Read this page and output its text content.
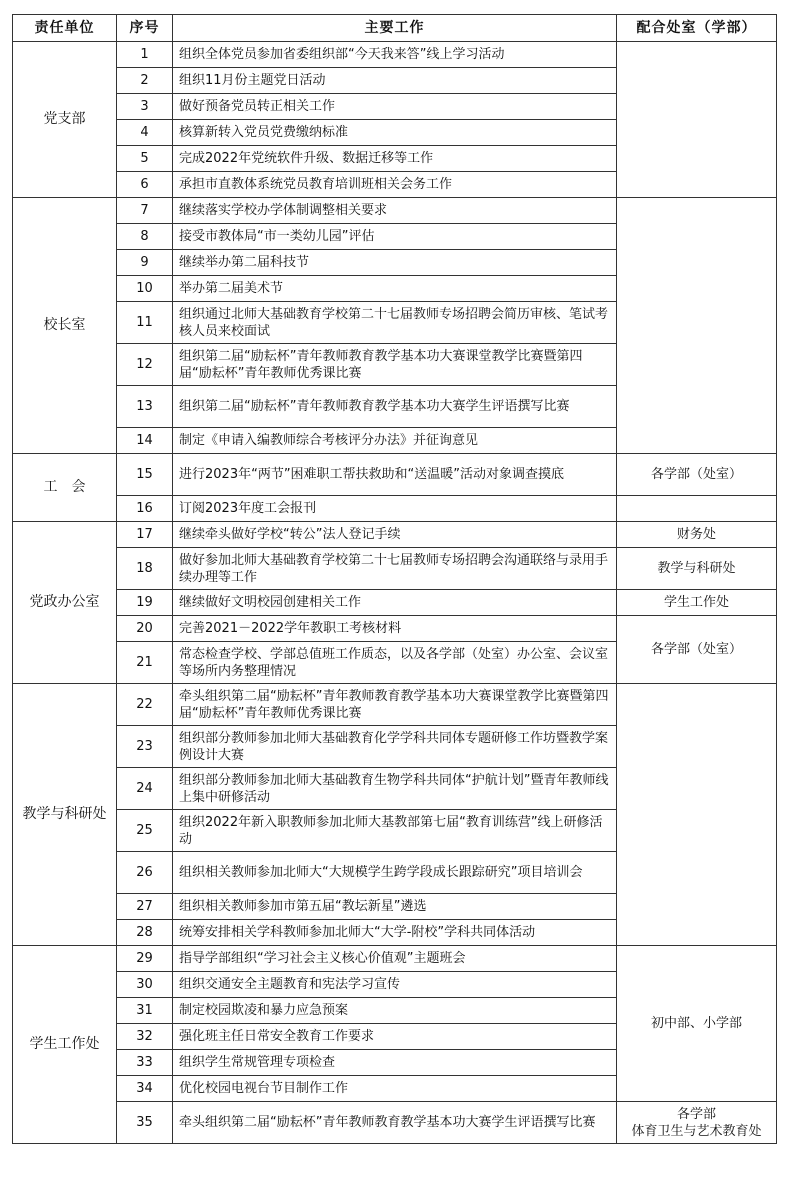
责任单位	序号	主要工作	配合处室（学部）
党支部	1	组织全体党员参加省委组织部“今天我来答”线上学习活动	
	2	组织11月份主题党日活动	
	3	做好预备党员转正相关工作	
	4	核算新转入党员党费缴纳标准	
	5	完成2022年党统软件升级、数据迁移等工作	
	6	承担市直教体系统党员教育培训班相关会务工作	
校长室	7	继续落实学校办学体制调整相关要求	
	8	接受市教体局“市一类幼儿园”评估	
	9	继续举办第二届科技节	
	10	举办第二届美术节	
	11	组织通过北师大基础教育学校第二十七届教师专场招聘会简历审核、笔试考核人员来校面试	
	12	组织第二届“励耘杯”青年教师教育教学基本功大赛课堂教学比赛暨第四届“励耘杯”青年教师优秀课比赛	
	13	组织第二届“励耘杯”青年教师教育教学基本功大赛学生评语撰写比赛	
	14	制定《申请入编教师综合考核评分办法》并征询意见	
工　会	15	进行2023年“两节”困难职工帮扶救助和“送温暖”活动对象调查摸底	各学部（处室）

	16	订阅2023年度工会报刊	
党政办公室	17	继续牵头做好学校“转公”法人登记手续	财务处

	18	做好参加北师大基础教育学校第二十七届教师专场招聘会沟通联络与录用手续办理等工作	教学与科研处

	19	继续做好文明校园创建相关工作	学生工作处

	20	完善2021－2022学年教职工考核材料	各学部（处室）

	21	常态检查学校、学部总值班工作质态，以及各学部（处室）办公室、会议室等场所内务整理情况	
教学与科研处	22	牵头组织第二届“励耘杯”青年教师教育教学基本功大赛课堂教学比赛暨第四届“励耘杯”青年教师优秀课比赛	
	23	组织部分教师参加北师大基础教育化学学科共同体专题研修工作坊暨教学案例设计大赛	
	24	组织部分教师参加北师大基础教育生物学科共同体“护航计划”暨青年教师线上集中研修活动	
	25	组织2022年新入职教师参加北师大基教部第七届“教育训练营”线上研修活动	
	26	组织相关教师参加北师大“大规模学生跨学段成长跟踪研究”项目培训会	
	27	组织相关教师参加市第五届“教坛新星”遴选	
	28	统筹安排相关学科教师参加北师大“大学-附校”学科共同体活动	
学生工作处	29	指导学部组织“学习社会主义核心价值观”主题班会	初中部、小学部

	30	组织交通安全主题教育和宪法学习宣传	
	31	制定校园欺凌和暴力应急预案	
	32	强化班主任日常安全教育工作要求	
	33	组织学生常规管理专项检查	
	34	优化校园电视台节目制作工作	
	35	牵头组织第二届“励耘杯”青年教师教育教学基本功大赛学生评语撰写比赛	各学部
体育卫生与艺术教育处
